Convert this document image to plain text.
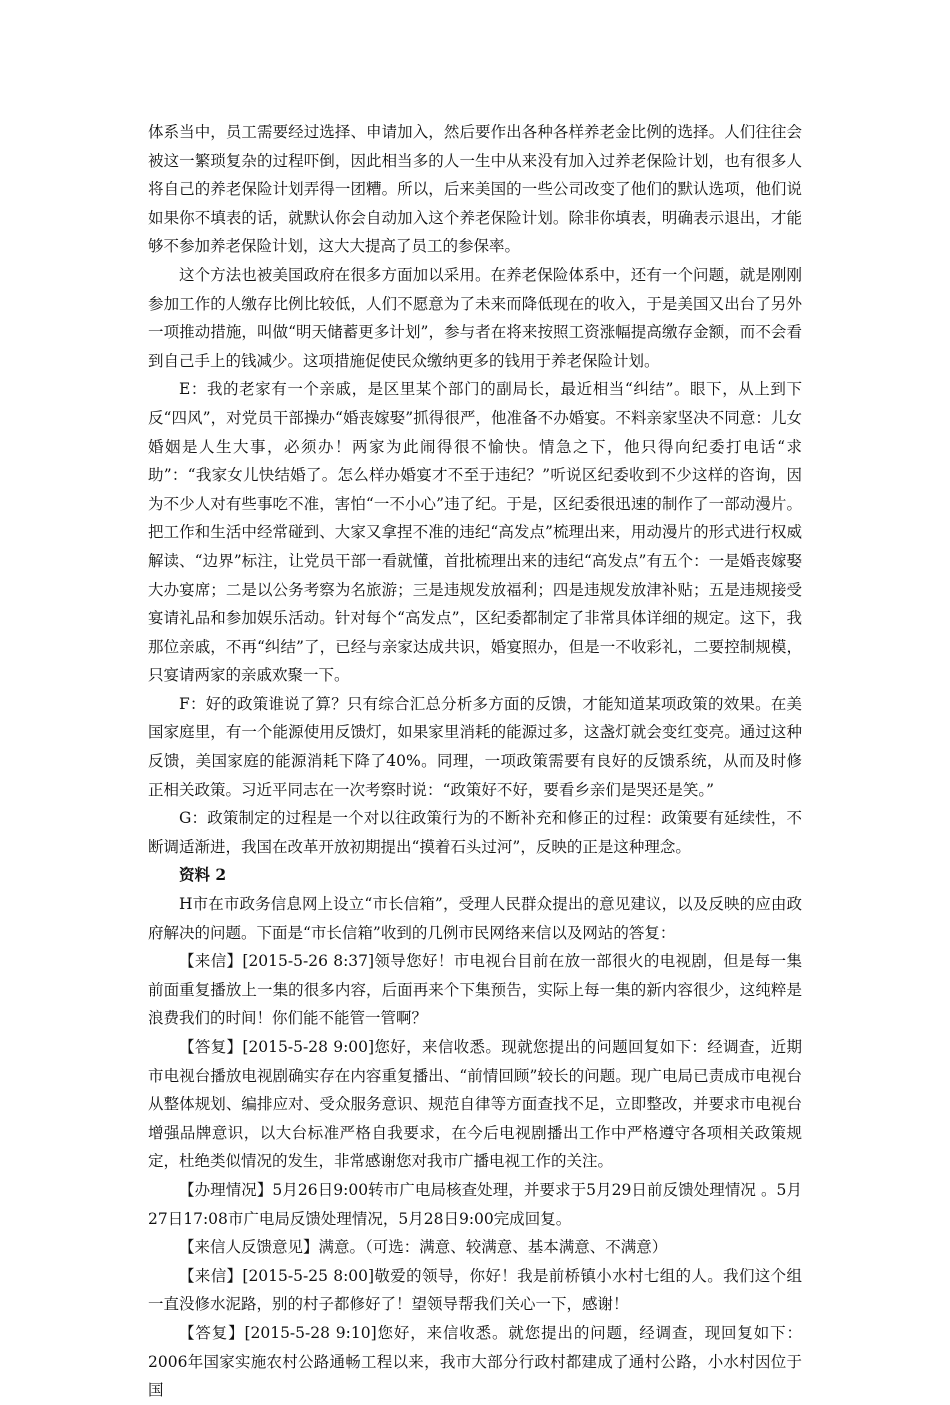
体系当中，员工需要经过选择、申请加入，然后要作出各种各样养老金比例的选择。人们往往会被这一繁琐复杂的过程吓倒，因此相当多的人一生中从来没有加入过养老保险计划，也有很多人将自己的养老保险计划弄得一团糟。所以，后来美国的一些公司改变了他们的默认选项，他们说如果你不填表的话，就默认你会自动加入这个养老保险计划。除非你填表，明确表示退出，才能够不参加养老保险计划，这大大提高了员工的参保率。

这个方法也被美国政府在很多方面加以采用。在养老保险体系中，还有一个问题，就是刚刚参加工作的人缴存比例比较低，人们不愿意为了未来而降低现在的收入，于是美国又出台了另外一项推动措施，叫做“明天储蓄更多计划”，参与者在将来按照工资涨幅提高缴存金额，而不会看到自己手上的钱减少。这项措施促使民众缴纳更多的钱用于养老保险计划。

E：我的老家有一个亲戚，是区里某个部门的副局长，最近相当“纠结”。眼下，从上到下反“四风”，对党员干部操办“婚丧嫁娶”抓得很严，他准备不办婚宴。不料亲家坚决不同意：儿女婚姻是人生大事，必须办！两家为此闹得很不愉快。情急之下，他只得向纪委打电话“求助”：“我家女儿快结婚了。怎么样办婚宴才不至于违纪？”听说区纪委收到不少这样的咨询，因为不少人对有些事吃不准，害怕“一不小心”违了纪。于是，区纪委很迅速的制作了一部动漫片。把工作和生活中经常碰到、大家又拿捏不准的违纪“高发点”梳理出来，用动漫片的形式进行权威解读、“边界”标注，让党员干部一看就懂，首批梳理出来的违纪“高发点”有五个：一是婚丧嫁娶大办宴席；二是以公务考察为名旅游；三是违规发放福利；四是违规发放津补贴；五是违规接受宴请礼品和参加娱乐活动。针对每个“高发点”，区纪委都制定了非常具体详细的规定。这下，我那位亲戚，不再“纠结”了，已经与亲家达成共识，婚宴照办，但是一不收彩礼，二要控制规模，只宴请两家的亲戚欢聚一下。

F：好的政策谁说了算？只有综合汇总分析多方面的反馈，才能知道某项政策的效果。在美国家庭里，有一个能源使用反馈灯，如果家里消耗的能源过多，这盏灯就会变红变亮。通过这种反馈，美国家庭的能源消耗下降了40%。同理，一项政策需要有良好的反馈系统，从而及时修正相关政策。习近平同志在一次考察时说：“政策好不好，要看乡亲们是哭还是笑。”

G：政策制定的过程是一个对以往政策行为的不断补充和修正的过程：政策要有延续性，不断调适渐进，我国在改革开放初期提出“摸着石头过河”，反映的正是这种理念。

资料 2

H市在市政务信息网上设立“市长信箱”，受理人民群众提出的意见建议，以及反映的应由政府解决的问题。下面是“市长信箱”收到的几例市民网络来信以及网站的答复：

【来信】[2015-5-26 8:37]领导您好！市电视台目前在放一部很火的电视剧，但是每一集前面重复播放上一集的很多内容，后面再来个下集预告，实际上每一集的新内容很少，这纯粹是浪费我们的时间！你们能不能管一管啊？

【答复】[2015-5-28 9:00]您好，来信收悉。现就您提出的问题回复如下：经调查，近期市电视台播放电视剧确实存在内容重复播出、“前情回顾”较长的问题。现广电局已责成市电视台从整体规划、编排应对、受众服务意识、规范自律等方面查找不足，立即整改，并要求市电视台增强品牌意识，以大台标准严格自我要求，在今后电视剧播出工作中严格遵守各项相关政策规定，杜绝类似情况的发生，非常感谢您对我市广播电视工作的关注。

【办理情况】5月26日9:00转市广电局核查处理，并要求于5月29日前反馈处理情况 。5月27日17:08市广电局反馈处理情况，5月28日9:00完成回复。

【来信人反馈意见】满意。（可选：满意、较满意、基本满意、不满意）

【来信】[2015-5-25 8:00]敬爱的领导，你好！我是前桥镇小水村七组的人。我们这个组一直没修水泥路，别的村子都修好了！望领导帮我们关心一下，感谢！

【答复】[2015-5-28 9:10]您好，来信收悉。就您提出的问题，经调查，现回复如下：2006年国家实施农村公路通畅工程以来，我市大部分行政村都建成了通村公路，小水村因位于国
